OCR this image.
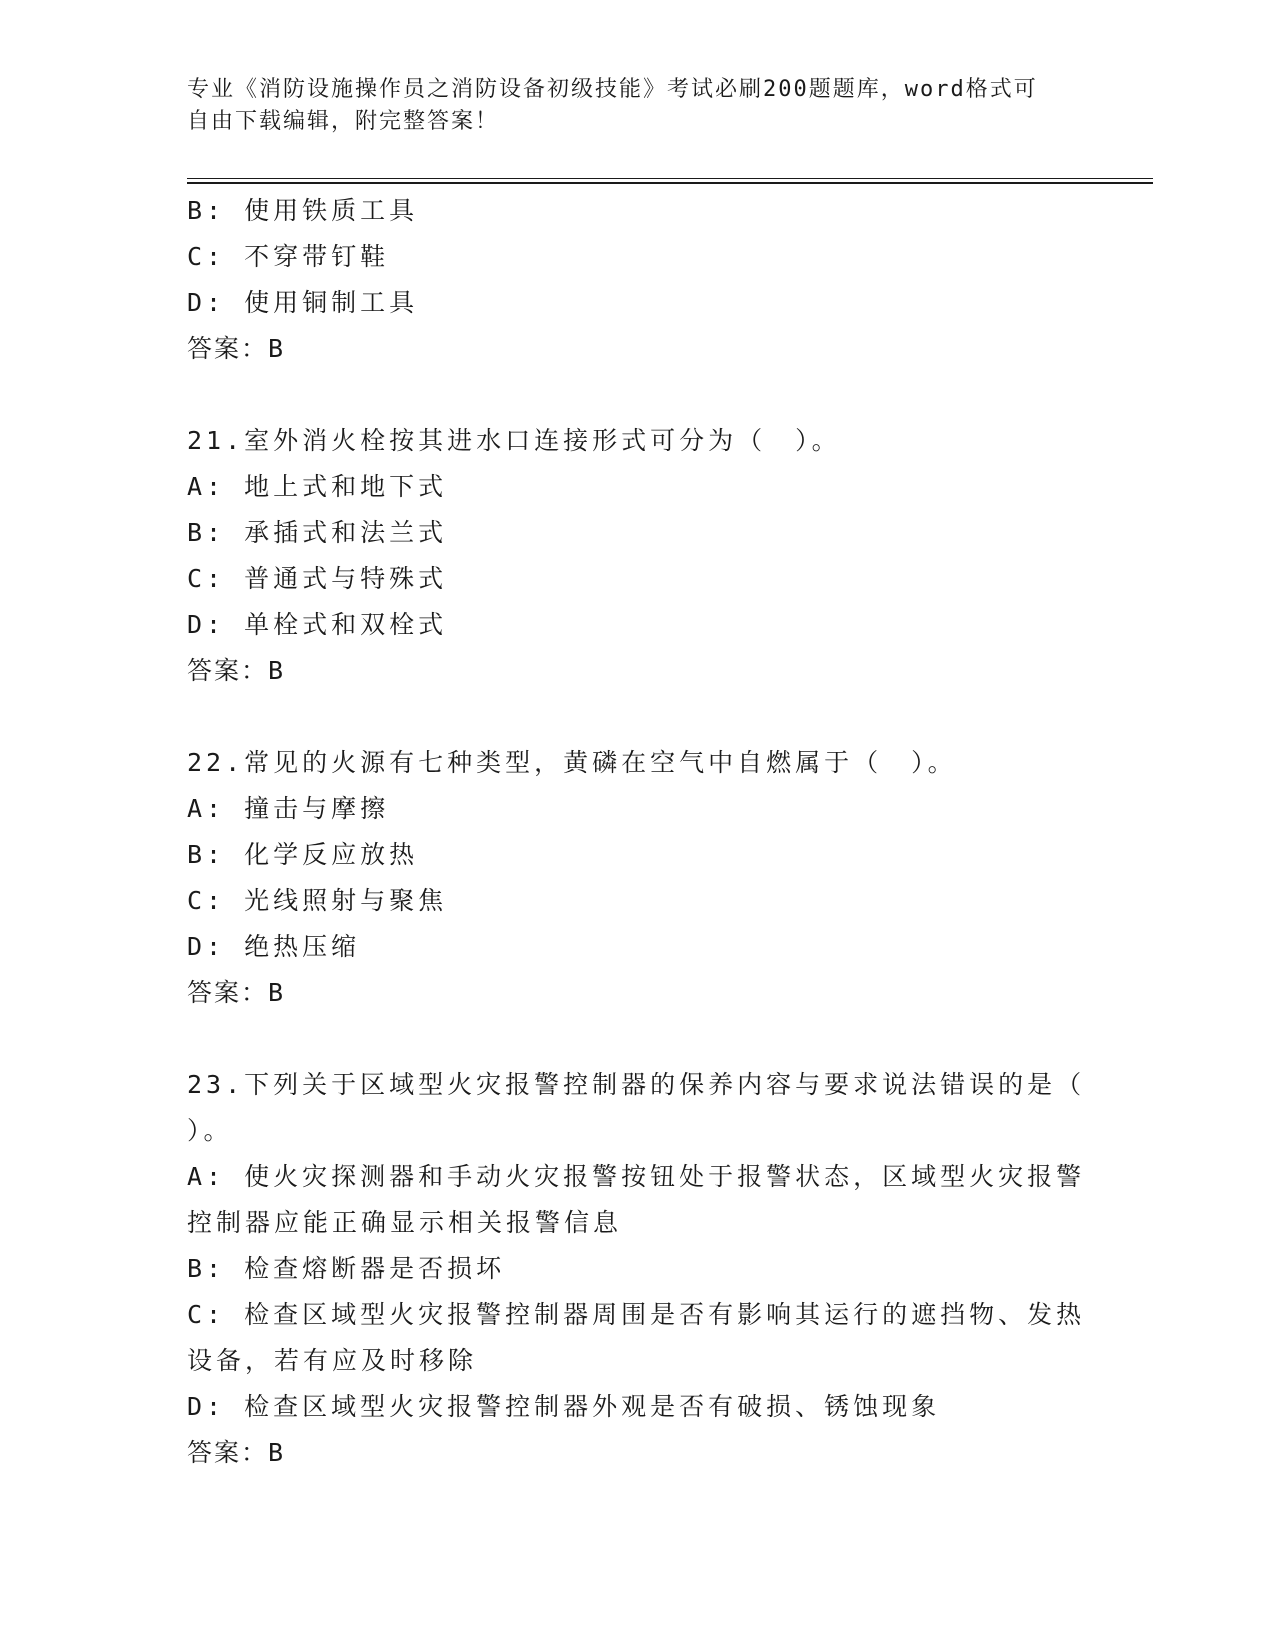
专业《消防设施操作员之消防设备初级技能》考试必刷200题题库，word格式可
自由下载编辑，附完整答案！
B: 使用铁质工具
C: 不穿带钉鞋
D: 使用铜制工具
答案：B
21.室外消火栓按其进水口连接形式可分为（　）。
A: 地上式和地下式
B: 承插式和法兰式
C: 普通式与特殊式
D: 单栓式和双栓式
答案：B
22.常见的火源有七种类型，黄磷在空气中自燃属于（　）。
A: 撞击与摩擦
B: 化学反应放热
C: 光线照射与聚焦
D: 绝热压缩
答案：B
23.下列关于区域型火灾报警控制器的保养内容与要求说法错误的是（
）。
A: 使火灾探测器和手动火灾报警按钮处于报警状态，区域型火灾报警
控制器应能正确显示相关报警信息
B: 检查熔断器是否损坏
C: 检查区域型火灾报警控制器周围是否有影响其运行的遮挡物、发热
设备，若有应及时移除
D: 检查区域型火灾报警控制器外观是否有破损、锈蚀现象
答案：B
